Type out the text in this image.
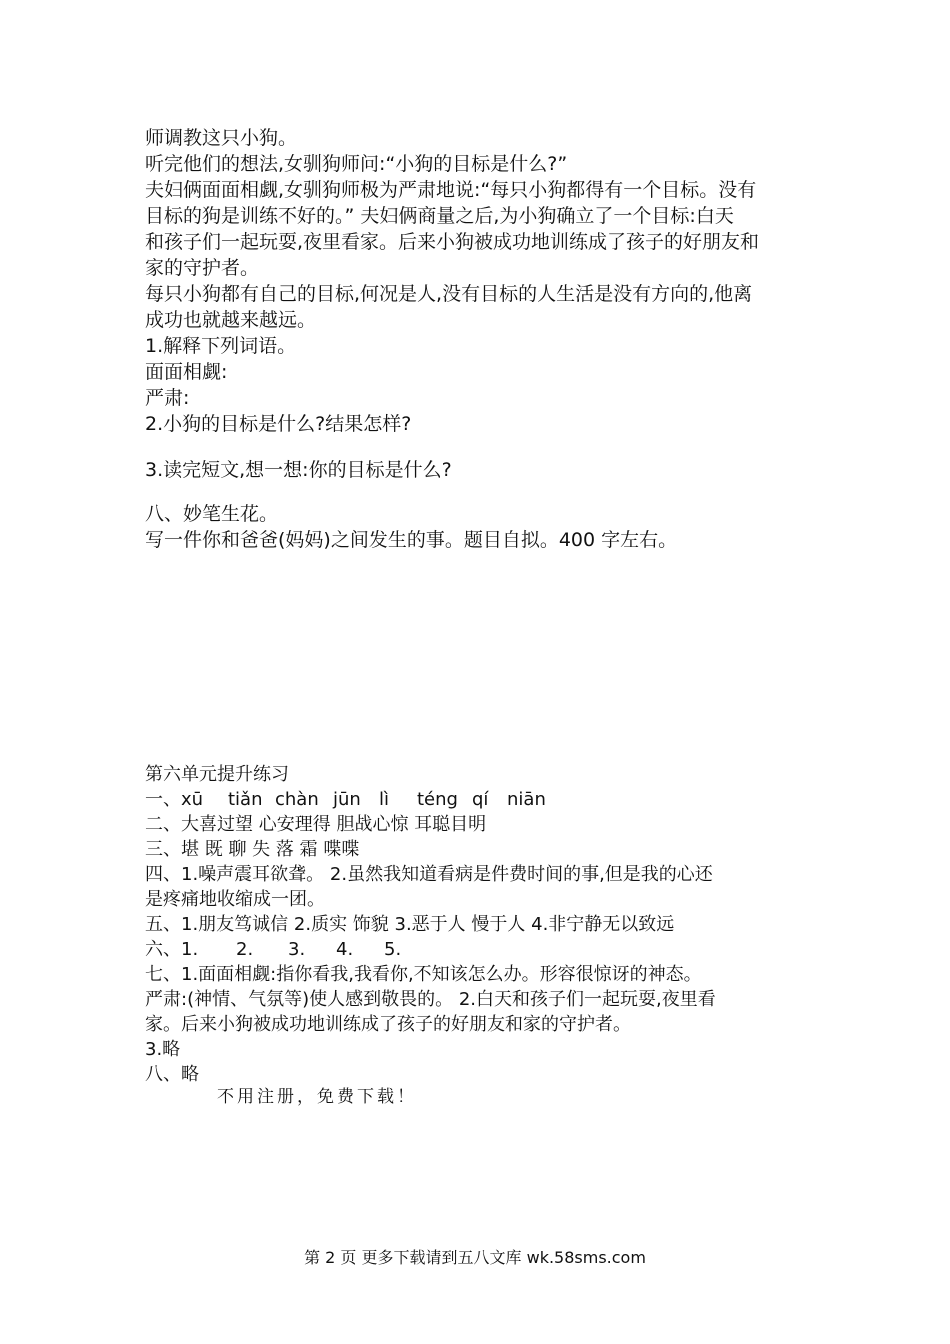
师调教这只小狗。
听完他们的想法,女驯狗师问:“小狗的目标是什么?”
夫妇俩面面相觑,女驯狗师极为严肃地说:“每只小狗都得有一个目标。没有
目标的狗是训练不好的。” 夫妇俩商量之后,为小狗确立了一个目标:白天
和孩子们一起玩耍,夜里看家。后来小狗被成功地训练成了孩子的好朋友和
家的守护者。
每只小狗都有自己的目标,何况是人,没有目标的人生活是没有方向的,他离
成功也就越来越远。
1.解释下列词语。
面面相觑:
严肃:
2.小狗的目标是什么?结果怎样?
3.读完短文,想一想:你的目标是什么?
八、妙笔生花。
写一件你和爸爸(妈妈)之间发生的事。题目自拟。400 字左右。
第六单元提升练习
一、xū tiǎn chàn jūn lì téng qí niān
二、大喜过望 心安理得 胆战心惊 耳聪目明
三、堪 既 聊 失 落 霜 喋喋
四、1.噪声震耳欲聋。 2.虽然我知道看病是件费时间的事,但是我的心还
是疼痛地收缩成一团。
五、1.朋友笃诚信 2.质实 饰貌 3.恶于人 慢于人 4.非宁静无以致远
六、1. 2. 3. 4. 5.
七、1.面面相觑:指你看我,我看你,不知该怎么办。形容很惊讶的神态。
严肃:(神情、气氛等)使人感到敬畏的。 2.白天和孩子们一起玩耍,夜里看
家。后来小狗被成功地训练成了孩子的好朋友和家的守护者。
3.略
八、略
不用注册，免费下载！
第 2 页 更多下载请到五八文库 wk.58sms.com
